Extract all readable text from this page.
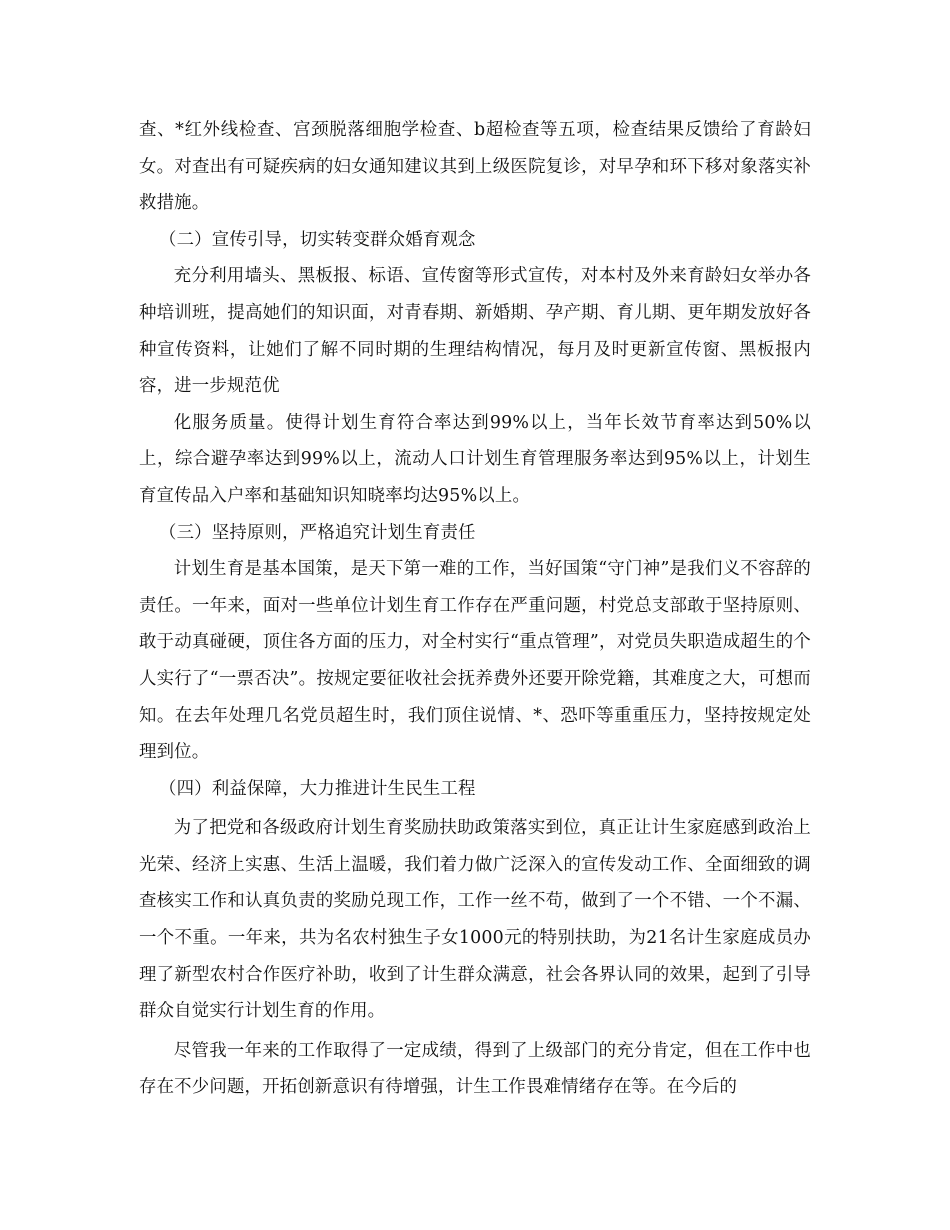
查、*红外线检查、宫颈脱落细胞学检查、b超检查等五项，检查结果反馈给了育龄妇女。对查出有可疑疾病的妇女通知建议其到上级医院复诊，对早孕和环下移对象落实补救措施。

（二）宣传引导，切实转变群众婚育观念

充分利用墙头、黑板报、标语、宣传窗等形式宣传，对本村及外来育龄妇女举办各种培训班，提高她们的知识面，对青春期、新婚期、孕产期、育儿期、更年期发放好各种宣传资料，让她们了解不同时期的生理结构情况，每月及时更新宣传窗、黑板报内容，进一步规范优

化服务质量。使得计划生育符合率达到99%以上，当年长效节育率达到50%以上，综合避孕率达到99%以上，流动人口计划生育管理服务率达到95%以上，计划生育宣传品入户率和基础知识知晓率均达95%以上。

（三）坚持原则，严格追究计划生育责任

计划生育是基本国策，是天下第一难的工作，当好国策“守门神”是我们义不容辞的责任。一年来，面对一些单位计划生育工作存在严重问题，村党总支部敢于坚持原则、敢于动真碰硬，顶住各方面的压力，对全村实行“重点管理”，对党员失职造成超生的个人实行了“一票否决”。按规定要征收社会抚养费外还要开除党籍，其难度之大，可想而知。在去年处理几名党员超生时，我们顶住说情、*、恐吓等重重压力，坚持按规定处理到位。

（四）利益保障，大力推进计生民生工程

为了把党和各级政府计划生育奖励扶助政策落实到位，真正让计生家庭感到政治上光荣、经济上实惠、生活上温暖，我们着力做广泛深入的宣传发动工作、全面细致的调查核实工作和认真负责的奖励兑现工作，工作一丝不苟，做到了一个不错、一个不漏、一个不重。一年来，共为名农村独生子女1000元的特别扶助，为21名计生家庭成员办理了新型农村合作医疗补助，收到了计生群众满意，社会各界认同的效果，起到了引导群众自觉实行计划生育的作用。

尽管我一年来的工作取得了一定成绩，得到了上级部门的充分肯定，但在工作中也存在不少问题，开拓创新意识有待增强，计生工作畏难情绪存在等。在今后的
